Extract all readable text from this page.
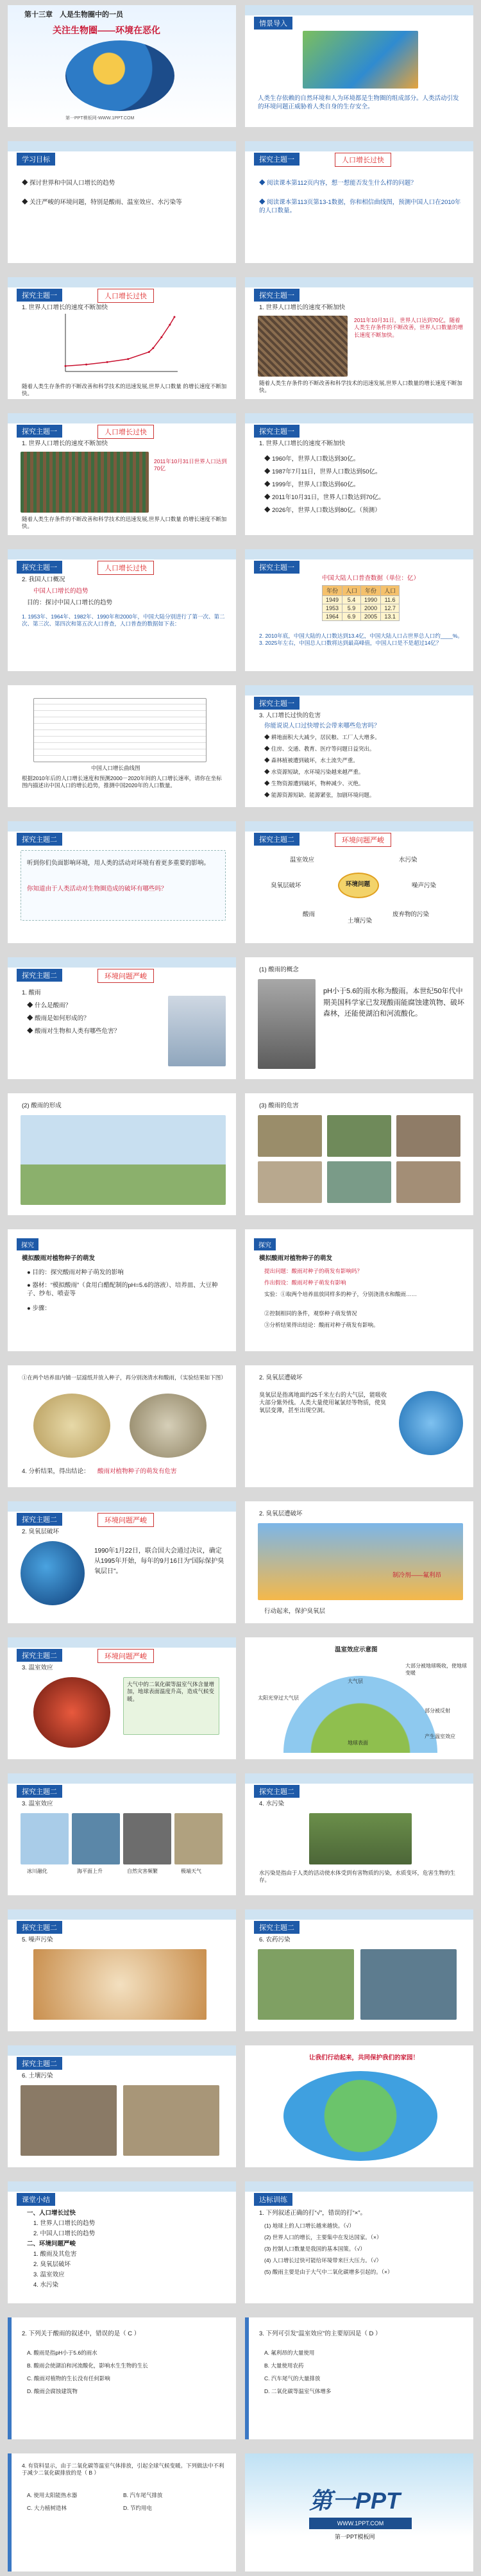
第十三章　人是生物圈中的一员
关注生物圈——环境在恶化
第一PPT模板网-WWW.1PPT.COM
情景导入
人类生存依赖的自然环境和人为环境都是生物圈的组成部分。人类活动引发的环境问题正威胁着人类自身的生存安全。
学习目标
◆ 探讨世界和中国人口增长的趋势
◆ 关注严峻的环境问题，特别是酸雨、温室效应、水污染等
探究主题一	人口增长过快
◆ 阅读课本第112页内容，想一想能否发生什么样的问题？
◆ 阅读课本第113页第13-1数据，你和相信曲线图，预测中国人口在2010年的人口数量。
探究主题一	人口增长过快
1. 世界人口增长的速度不断加快
随着人类生存条件的不断改善和科学技术的迅速发展,世界人口数量 的增长速度不断加快。
探究主题一
1. 世界人口增长的速度不断加快
2011年10月31日，世界人口达到70亿，随着人类生存条件的不断改善，世界人口数量的增长速度不断加快。
随着人类生存条件的不断改善和科学技术的迅速发展,世界人口数量的增长速度不断加快。
探究主题一	人口增长过快
1. 世界人口增长的速度不断加快
2011年10月31日世界人口达到70亿
随着人类生存条件的不断改善和科学技术的迅速发展,世界人口数量 的增长速度不断加快。
探究主题一
1. 世界人口增长的速度不断加快
◆ 1960年，世界人口数达到30亿。
◆ 1987年7月11日，世界人口数达到50亿。
◆ 1999年，世界人口数达到60亿。
◆ 2011年10月31日，世界人口数达到70亿。
◆ 2026年，世界人口数达到80亿。（预测）
探究主题一	人口增长过快
2. 我国人口概况
中国人口增长的趋势
目的：探讨中国人口增长的趋势
1. 1953年、1964年、1982年、1990年和2000年，中国大陆分别进行了第一次、第二次、第三次、第四次和第五次人口普查，人口普查的数据如下表：
探究主题一
中国大陆人口普查数据（单位：亿）
年份	人口	年份	人口
1949	5.4	1990	11.6
1953	5.9	2000	12.7
1964	6.9	2005	13.1
2. 2010年底，中国大陆的人口数达到13.4亿，中国大陆人口占世界总人口约____%。3. 2025年左右，中国总人口数将达到最高峰值，中国人口是不是超过14亿？
中国人口增长曲线图
根据2010年后的人口增长速度和预测2000－2020年间的人口增长速率，请你在坐标图内描述出中国人口的增长趋势，推测中国2020年的人口数量。
探究主题一
3. 人口增长过快的危害
你能说说人口过快增长会带来哪些危害吗？
◆ 耕地面积大大减少，居民粮、工厂人大增多。
◆ 住房、交通、教育、医疗等问题日益突出。
◆ 森林植被遭到破坏，水土流失严重。
◆ 水资源短缺，水环境污染越来越严重。
◆ 生物资源遭到破坏，物种减少、灭绝。
◆ 能源资源短缺、能源紧张，加剧环境问题。
探究主题二
听到你们负面影响环境，用人类的活动对环境有着更多重要的影响。
你知道由于人类活动对生物圈造成的破坏有哪些吗？
探究主题二	环境问题严峻
环境问题
温室效应	水污染
臭氧层破坏	噪声污染
酸雨
土壤污染
废弃物的污染
探究主题二	环境问题严峻
1. 酸雨
◆ 什么是酸雨？
◆ 酸雨是如何形成的？
◆ 酸雨对生物和人类有哪些危害？
(1) 酸雨的概念
pH小于5.6的雨水称为酸雨。本世纪50年代中期美国科学家已发现酸雨能腐蚀建筑物、破坏森林，还能使湖泊和河流酸化。
(2) 酸雨的形成	(3) 酸雨的危害
探究
模拟酸雨对植物种子的萌发
● 目的：探究酸雨对种子萌发的影响
● 器材：“模拟酸雨”（食用白醋配制的pH=5.6的溶液）、培养皿、大豆种子、纱布、喷壶等
● 步骤：
探究
模拟酸雨对植物种子的萌发
提出问题：酸雨对种子的萌发有影响吗？
作出假设：酸雨对种子萌发有影响
实验：①取两个培养皿放同样多的种子，分别浇清水和酸雨……
②控制相同的条件，观察种子萌发情况
③分析结果得出结论：酸雨对种子萌发有影响。
①在两个培养皿内铺一层滤纸并放入种子，再分别浇清水和酸雨，（实验结果如下图）
4. 分析结果，得出结论： 酸雨对植物种子的萌发有危害
2. 臭氧层遭破坏
臭氧层是指离地面约25千米左右的大气层，能吸收大部分紫外线。人类大量使用氟氯烃等物质，使臭氧层变薄，甚至出现空洞。
探究主题二	环境问题严峻
2. 臭氧层破坏
1990年1月22日，联合国大会通过决议，确定从1995年开始，每年的9月16日为“国际保护臭氧层日”。
2. 臭氧层遭破坏
制冷剂——氟利昂
行动起来，保护臭氧层
探究主题二	环境问题严峻
3. 温室效应
大气中的二氧化碳等温室气体含量增加，地球表面温度升高，造成气候变暖。
温室效应示意图
太阳光穿过大气层
大气层
大部分被地球吸收，使地球变暖
地球表面
部分被反射
产生温室效应
探究主题二
3. 温室效应
冰川融化	海平面上升	自然灾害频繁	极端天气
探究主题二
4. 水污染
水污染是指由于人类的活动使水体受到有害物质的污染，水质变坏，危害生物的生存。
探究主题二
5. 噪声污染
探究主题二
6. 农药污染
探究主题二
6. 土壤污染
让我们行动起来，共同保护我们的家园！
课堂小结
一、人口增长过快
1. 世界人口增长的趋势
2. 中国人口增长的趋势
二、环境问题严峻
1. 酸雨及其危害
2. 臭氧层破坏
3. 温室效应
4. 水污染
达标训练
1. 下列叙述正确的打“√”，错误的打“×”。
(1) 地球上的人口增长越来越快。（√）
(2) 世界人口的增长，主要集中在发达国家。（×）
(3) 控制人口数量是我国的基本国策。（√）
(4) 人口增长过快可能给环境带来巨大压力。（√）
(5) 酸雨主要是由于大气中二氧化碳增多引起的。（×）
2. 下列关于酸雨的叙述中，错误的是（ C ）
A. 酸雨是指pH小于5.6的雨水
B. 酸雨会使湖泊和河流酸化，影响水生生物的生长
C. 酸雨对植物的生长没有任何影响
D. 酸雨会腐蚀建筑物
3. 下列可引发“温室效应”的主要原因是（ D ）
A. 氟利昂的大量使用
B. 大量使用农药
C. 汽车尾气的大量排放
D. 二氧化碳等温室气体增多
4. 有资料显示，由于二氧化碳等温室气体排放，引起全球气候变暖。下列做法中不利于减少二氧化碳排放的是（ B ）
A. 使用太阳能热水器	B. 汽车尾气排放
C. 大力植树造林	D. 节约用电	第一PPT
WWW.1PPT.COM
第一PPT模板网
